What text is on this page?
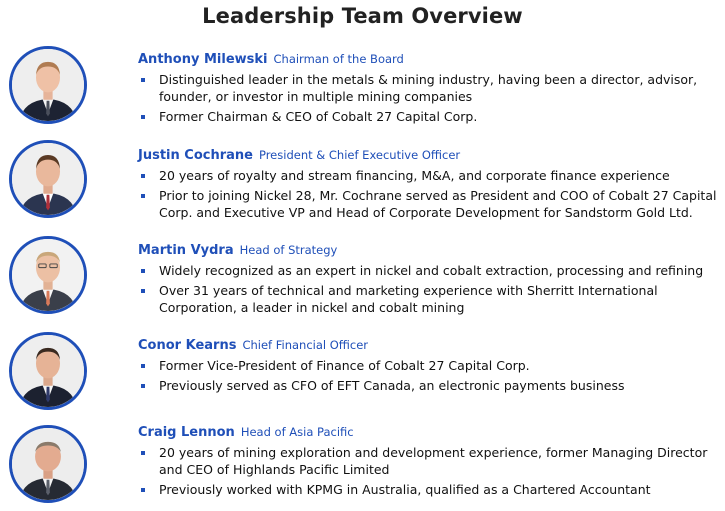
Leadership Team Overview
Anthony Milewski Chairman of the Board
Distinguished leader in the metals & mining industry, having been a director, advisor, founder, or investor in multiple mining companies
Former Chairman & CEO of Cobalt 27 Capital Corp.
Justin Cochrane President & Chief Executive Officer
20 years of royalty and stream financing, M&A, and corporate finance experience
Prior to joining Nickel 28, Mr. Cochrane served as President and COO of Cobalt 27 Capital Corp. and Executive VP and Head of Corporate Development for Sandstorm Gold Ltd.
Martin Vydra Head of Strategy
Widely recognized as an expert in nickel and cobalt extraction, processing and refining
Over 31 years of technical and marketing experience with Sherritt International Corporation, a leader in nickel and cobalt mining
Conor Kearns Chief Financial Officer
Former Vice-President of Finance of Cobalt 27 Capital Corp.
Previously served as CFO of EFT Canada, an electronic payments business
Craig Lennon Head of Asia Pacific
20 years of mining exploration and development experience, former Managing Director and CEO of Highlands Pacific Limited
Previously worked with KPMG in Australia, qualified as a Chartered Accountant
